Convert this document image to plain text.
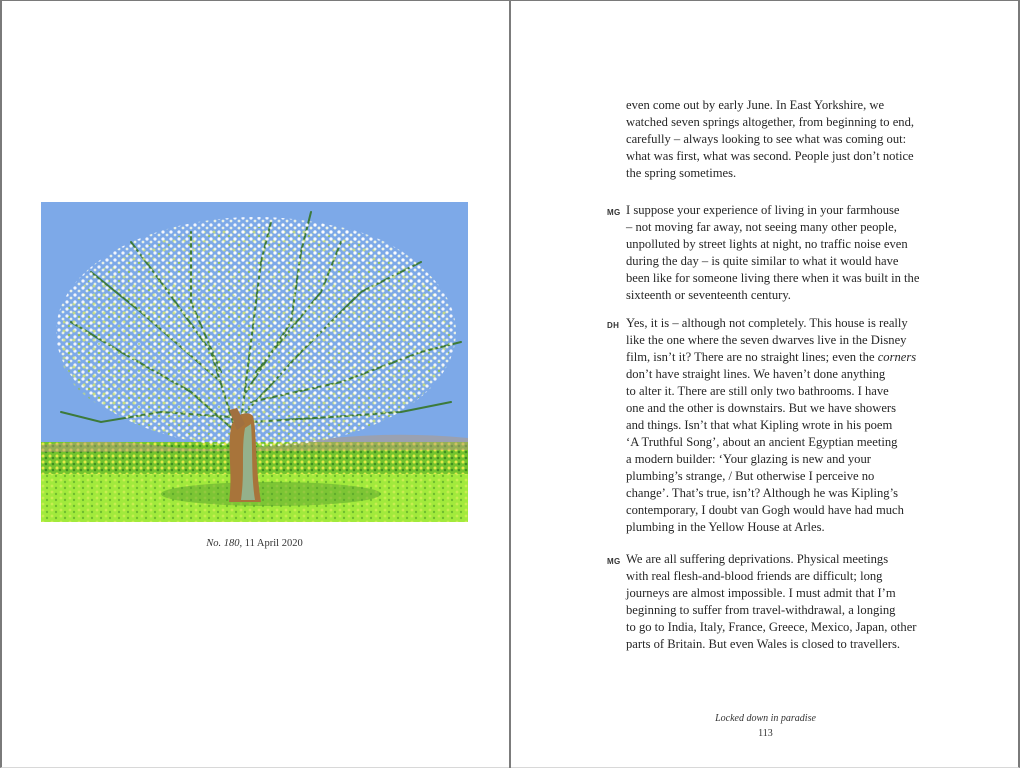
No. 180, 11 April 2020
even come out by early June. In East Yorkshire, we
watched seven springs altogether, from beginning to end,
carefully – always looking to see what was coming out:
what was first, what was second. People just don’t notice
the spring sometimes.
MG I suppose your experience of living in your farmhouse
– not moving far away, not seeing many other people,
unpolluted by street lights at night, no traffic noise even
during the day – is quite similar to what it would have
been like for someone living there when it was built in the
sixteenth or seventeenth century.
DH Yes, it is – although not completely. This house is really
like the one where the seven dwarves live in the Disney
film, isn’t it? There are no straight lines; even the corners
don’t have straight lines. We haven’t done anything
to alter it. There are still only two bathrooms. I have
one and the other is downstairs. But we have showers
and things. Isn’t that what Kipling wrote in his poem
‘A Truthful Song’, about an ancient Egyptian meeting
a modern builder: ‘Your glazing is new and your
plumbing’s strange, / But otherwise I perceive no
change’. That’s true, isn’t? Although he was Kipling’s
contemporary, I doubt van Gogh would have had much
plumbing in the Yellow House at Arles.
MG We are all suffering deprivations. Physical meetings
with real flesh-and-blood friends are difficult; long
journeys are almost impossible. I must admit that I’m
beginning to suffer from travel-withdrawal, a longing
to go to India, Italy, France, Greece, Mexico, Japan, other
parts of Britain. But even Wales is closed to travellers.
Locked down in paradise
113
